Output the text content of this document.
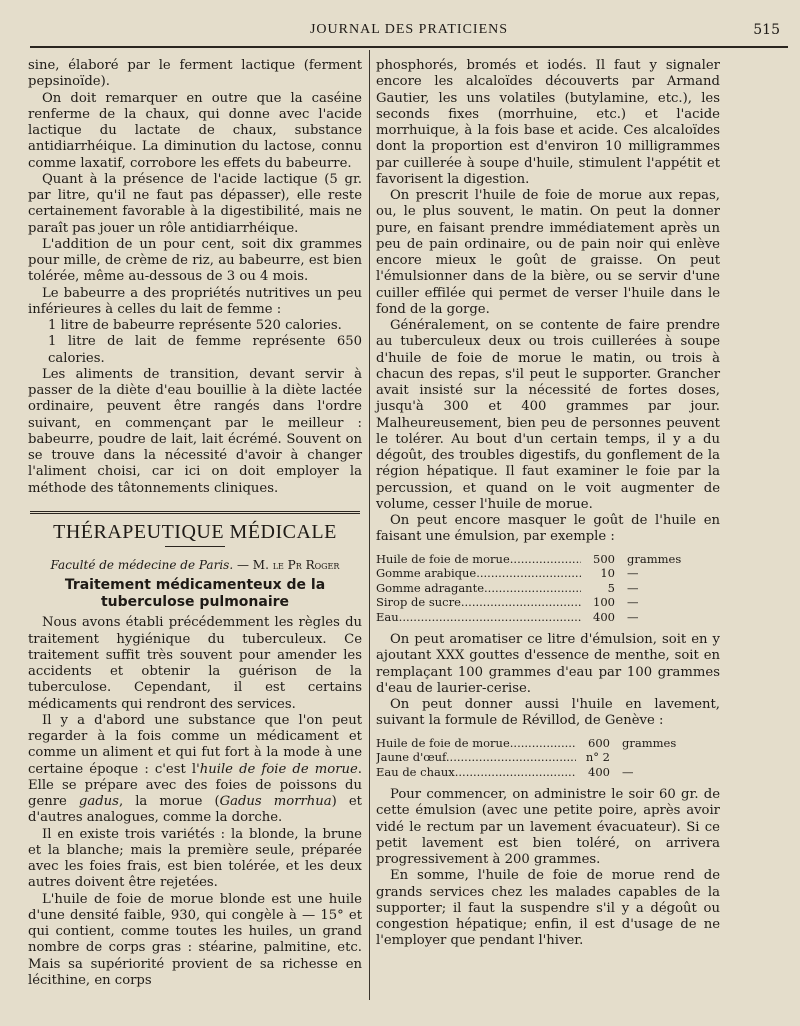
JOURNAL DES PRATICIENS	515

sine, élaboré par le ferment lactique (ferment pepsinoïde).

On doit remarquer en outre que la caséine renferme de la chaux, qui donne avec l'acide lactique du lactate de chaux, substance antidiarrhéique. La diminution du lactose, connu comme laxatif, corrobore les effets du babeurre.

Quant à la présence de l'acide lactique (5 gr. par litre, qu'il ne faut pas dépasser), elle reste certainement favorable à la digestibilité, mais ne paraît pas jouer un rôle antidiarrhéique.

L'addition de un pour cent, soit dix grammes pour mille, de crème de riz, au babeurre, est bien tolérée, même au-dessous de 3 ou 4 mois.

Le babeurre a des propriétés nutritives un peu inférieures à celles du lait de femme :

1 litre de babeurre représente 520 calories.

1 litre de lait de femme représente 650 calories.

Les aliments de transition, devant servir à passer de la diète d'eau bouillie à la diète lactée ordinaire, peuvent être rangés dans l'ordre suivant, en commençant par le meilleur : babeurre, poudre de lait, lait écrémé. Souvent on se trouve dans la nécessité d'avoir à changer l'aliment choisi, car ici on doit employer la méthode des tâtonnements cliniques.

THÉRAPEUTIQUE MÉDICALE

Faculté de médecine de Paris. — M. le Pr Roger

Traitement médicamenteux de la tuberculose pulmonaire

Nous avons établi précédemment les règles du traitement hygiénique du tuberculeux. Ce traitement suffit très souvent pour amender les accidents et obtenir la guérison de la tuberculose. Cependant, il est certains médicaments qui rendront des services.

Il y a d'abord une substance que l'on peut regarder à la fois comme un médicament et comme un aliment et qui fut fort à la mode à une certaine époque : c'est l'huile de foie de morue. Elle se prépare avec des foies de poissons du genre gadus, la morue (Gadus morrhua) et d'autres analogues, comme la dorche.

Il en existe trois variétés : la blonde, la brune et la blanche; mais la première seule, préparée avec les foies frais, est bien tolérée, et les deux autres doivent être rejetées.

L'huile de foie de morue blonde est une huile d'une densité faible, 930, qui congèle à — 15° et qui contient, comme toutes les huiles, un grand nombre de corps gras : stéarine, palmitine, etc. Mais sa supériorité provient de sa richesse en lécithine, en corps

phosphorés, bromés et iodés. Il faut y signaler encore les alcaloïdes découverts par Armand Gautier, les uns volatiles (butylamine, etc.), les seconds fixes (morrhuine, etc.) et l'acide morrhuique, à la fois base et acide. Ces alcaloïdes dont la proportion est d'environ 10 milligrammes par cuillerée à soupe d'huile, stimulent l'appétit et favorisent la digestion.

On prescrit l'huile de foie de morue aux repas, ou, le plus souvent, le matin. On peut la donner pure, en faisant prendre immédiatement après un peu de pain ordinaire, ou de pain noir qui enlève encore mieux le goût de graisse. On peut l'émulsionner dans de la bière, ou se servir d'une cuiller effilée qui permet de verser l'huile dans le fond de la gorge.

Généralement, on se contente de faire prendre au tuberculeux deux ou trois cuillerées à soupe d'huile de foie de morue le matin, ou trois à chacun des repas, s'il peut le supporter. Grancher avait insisté sur la nécessité de fortes doses, jusqu'à 300 et 400 grammes par jour. Malheureusement, bien peu de personnes peuvent le tolérer. Au bout d'un certain temps, il y a du dégoût, des troubles digestifs, du gonflement de la région hépatique. Il faut examiner le foie par la percussion, et quand on le voit augmenter de volume, cesser l'huile de morue.

On peut encore masquer le goût de l'huile en faisant une émulsion, par exemple :

Huile de foie de morue .....	500	grammes
Gomme arabique .....	10	—
Gomme adragante .....	5	—
Sirop de sucre .....	100	—
Eau .....	400	—

On peut aromatiser ce litre d'émulsion, soit en y ajoutant XXX gouttes d'essence de menthe, soit en remplaçant 100 grammes d'eau par 100 grammes d'eau de laurier-cerise.

On peut donner aussi l'huile en lavement, suivant la formule de Révillod, de Genève :

Huile de foie de morue .....	600	grammes
Jaune d'œuf .....	n° 2
Eau de chaux .....	400	—

Pour commencer, on administre le soir 60 gr. de cette émulsion (avec une petite poire, après avoir vidé le rectum par un lavement évacuateur). Si ce petit lavement est bien toléré, on arrivera progressivement à 200 grammes.

En somme, l'huile de foie de morue rend de grands services chez les malades capables de la supporter; il faut la suspendre s'il y a dégoût ou congestion hépatique; enfin, il est d'usage de ne l'employer que pendant l'hiver.
